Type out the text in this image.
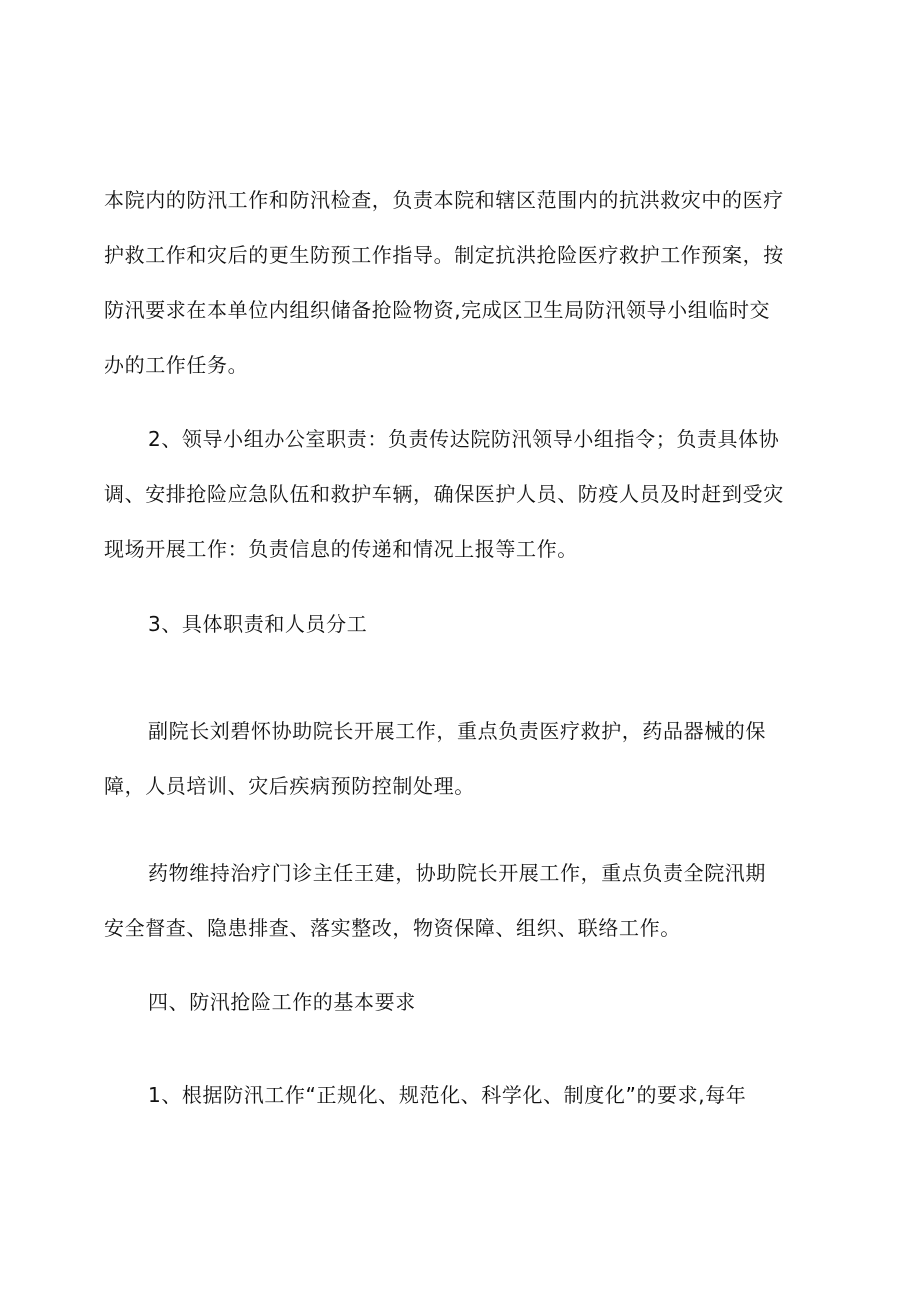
本院内的防汛工作和防汛检查，负责本院和辖区范围内的抗洪救灾中的医疗
护救工作和灾后的更生防预工作指导。制定抗洪抢险医疗救护工作预案，按
防汛要求在本单位内组织储备抢险物资,完成区卫生局防汛领导小组临时交
办的工作任务。

2、领导小组办公室职责：负责传达院防汛领导小组指令；负责具体协
调、安排抢险应急队伍和救护车辆，确保医护人员、防疫人员及时赶到受灾
现场开展工作：负责信息的传递和情况上报等工作。

3、具体职责和人员分工

副院长刘碧怀协助院长开展工作，重点负责医疗救护，药品器械的保
障，人员培训、灾后疾病预防控制处理。

药物维持治疗门诊主任王建，协助院长开展工作，重点负责全院汛期
安全督查、隐患排查、落实整改，物资保障、组织、联络工作。

四、防汛抢险工作的基本要求

1、根据防汛工作“正规化、规范化、科学化、制度化”的要求,每年
